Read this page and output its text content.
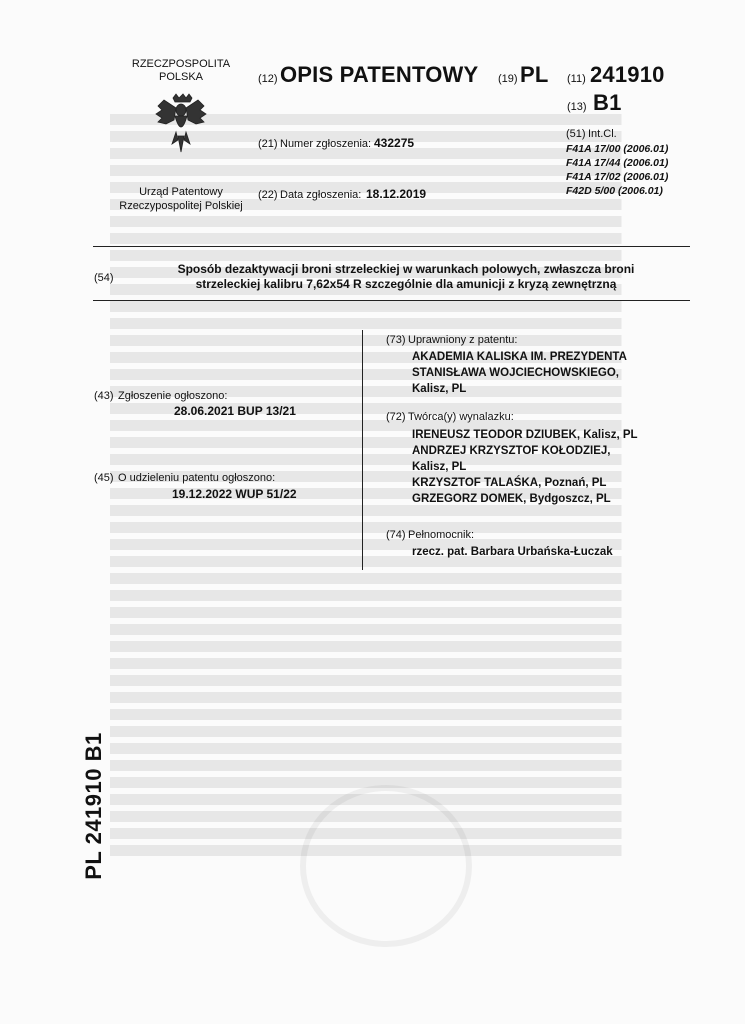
RZECZPOSPOLITA
POLSKA
Urząd Patentowy
Rzeczypospolitej Polskiej
(12) OPIS PATENTOWY (19) PL (11) 241910
(13) B1
(21) Numer zgłoszenia: 432275
(22) Data zgłoszenia: 18.12.2019
(51) Int.Cl.
F41A 17/00 (2006.01)
F41A 17/44 (2006.01)
F41A 17/02 (2006.01)
F42D 5/00 (2006.01)
(54)
Sposób dezaktywacji broni strzeleckiej w warunkach polowych, zwłaszcza broni
strzeleckiej kalibru 7,62x54 R szczególnie dla amunicji z kryzą zewnętrzną
(43) Zgłoszenie ogłoszono:
28.06.2021 BUP 13/21
(45) O udzieleniu patentu ogłoszono:
19.12.2022 WUP 51/22
(73) Uprawniony z patentu:
AKADEMIA KALISKA IM. PREZYDENTA
STANISŁAWA WOJCIECHOWSKIEGO,
Kalisz, PL
(72) Twórca(y) wynalazku:
IRENEUSZ TEODOR DZIUBEK, Kalisz, PL
ANDRZEJ KRZYSZTOF KOŁODZIEJ,
Kalisz, PL
KRZYSZTOF TALAŚKA, Poznań, PL
GRZEGORZ DOMEK, Bydgoszcz, PL
(74) Pełnomocnik:
rzecz. pat. Barbara Urbańska-Łuczak
PL 241910 B1
